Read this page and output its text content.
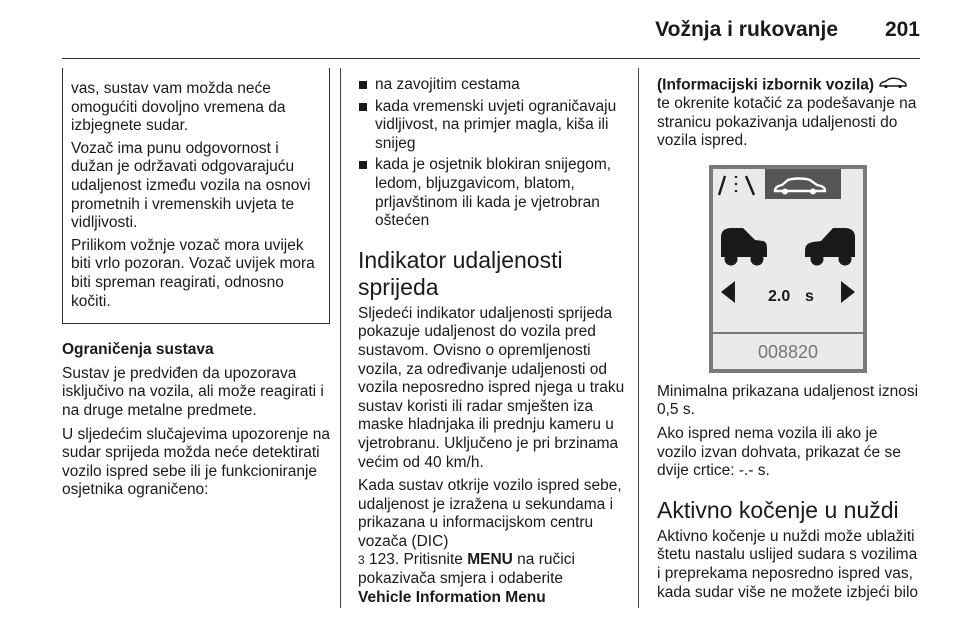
Vožnja i rukovanje 201

vas, sustav vam možda neće omogućiti dovoljno vremena da izbjegnete sudar.

Vozač ima punu odgovornost i dužan je održavati odgovarajuću udaljenost između vozila na osnovi prometnih i vremenskih uvjeta te vidljivosti.

Prilikom vožnje vozač mora uvijek biti vrlo pozoran. Vozač uvijek mora biti spreman reagirati, odnosno kočiti.

Ograničenja sustava

Sustav je predviđen da upozorava isključivo na vozila, ali može reagirati i na druge metalne predmete.

U sljedećim slučajevima upozorenje na sudar sprijeda možda neće detektirati vozilo ispred sebe ili je funkcioniranje osjetnika ograničeno:

na zavojitim cestama
kada vremenski uvjeti ograničavaju vidljivost, na primjer magla, kiša ili snijeg
kada je osjetnik blokiran snijegom, ledom, bljuzgavicom, blatom, prljavštinom ili kada je vjetrobran oštećen
Indikator udaljenosti sprijeda

Sljedeći indikator udaljenosti sprijeda pokazuje udaljenost do vozila pred sustavom. Ovisno o opremljenosti vozila, za određivanje udaljenosti od vozila neposredno ispred njega u traku sustav koristi ili radar smješten iza maske hladnjaka ili prednju kameru u vjetrobranu. Uključeno je pri brzinama većim od 40 km/h.

Kada sustav otkrije vozilo ispred sebe, udaljenost je izražena u sekundama i prikazana u informacijskom centru vozača (DIC)
3 123. Pritisnite MENU na ručici pokazivača smjera i odaberite
Vehicle Information Menu

(Informacijski izbornik vozila)  te okrenite kotačić za podešavanje na stranicu pokazivanja udaljenosti do vozila ispred.

2.0 s
008820

Minimalna prikazana udaljenost iznosi 0,5 s.

Ako ispred nema vozila ili ako je vozilo izvan dohvata, prikazat će se dvije crtice: -.- s.

Aktivno kočenje u nuždi

Aktivno kočenje u nuždi može ublažiti štetu nastalu uslijed sudara s vozilima i preprekama neposredno ispred vas, kada sudar više ne možete izbjeći bilo
